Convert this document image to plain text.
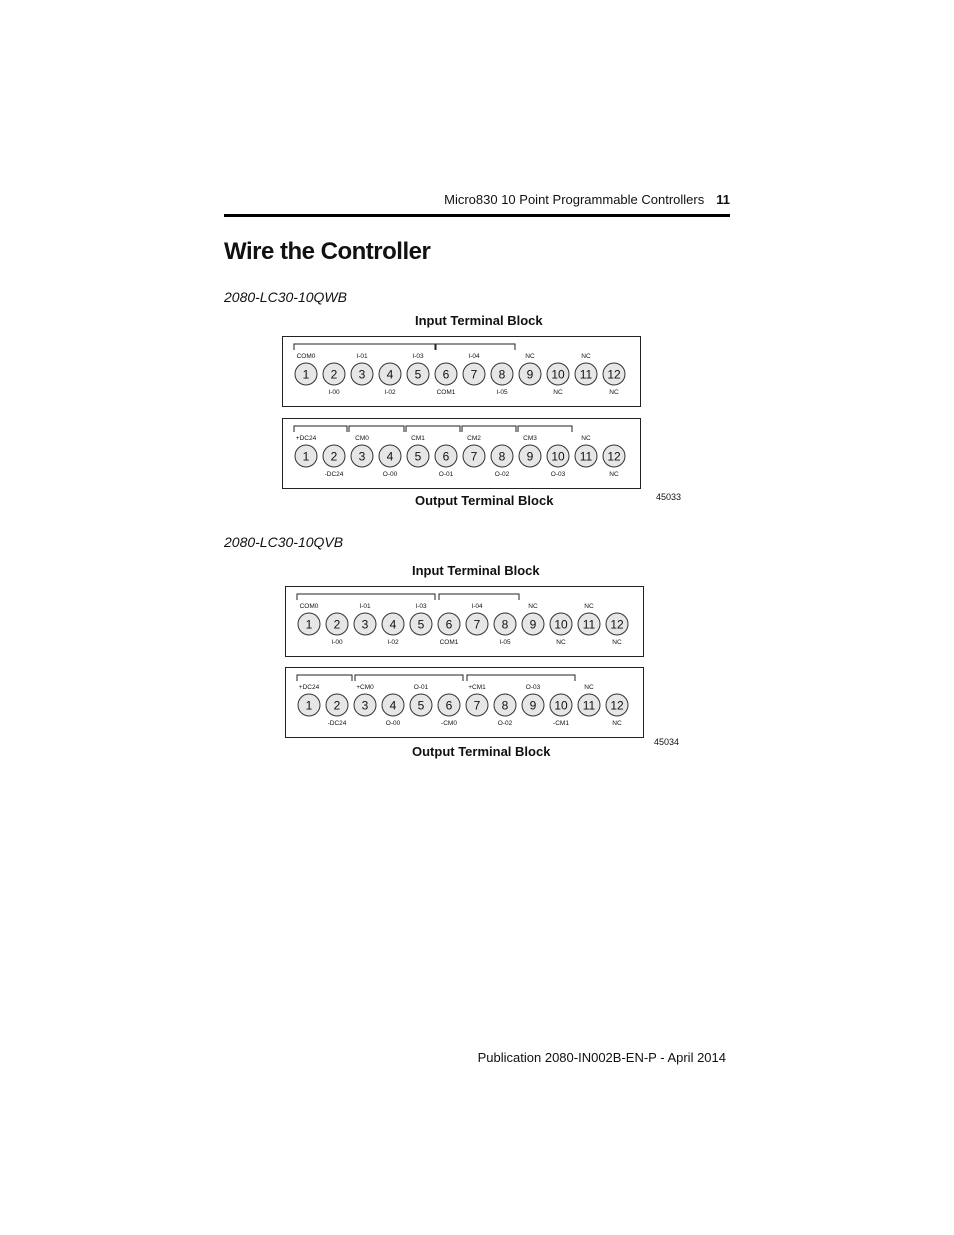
Micro830 10 Point Programmable Controllers 11
Wire the Controller
2080-LC30-10QWB
Input Terminal Block
1 2 3 4 5 6 7 8 9 10 11 12
COM0	I-01	I-03	I-04	NC	NC
I-00	I-02	COM1	I-05	NC	NC
1 2 3 4 5 6 7 8 9 10 11 12
+DC24	CM0	CM1	CM2	CM3	NC
-DC24	O-00	O-01	O-02	O-03	NC
Output Terminal Block	45033
2080-LC30-10QVB
Input Terminal Block
1 2 3 4 5 6 7 8 9 10 11 12
COM0	I-01	I-03	I-04	NC	NC
I-00	I-02	COM1	I-05	NC	NC
1 2 3 4 5 6 7 8 9 10 11 12
+DC24	+CM0	O-01	+CM1	O-03	NC
-DC24	O-00	-CM0	O-02	-CM1	NC
Output Terminal Block
45034
Publication 2080-IN002B-EN-P - April 2014
